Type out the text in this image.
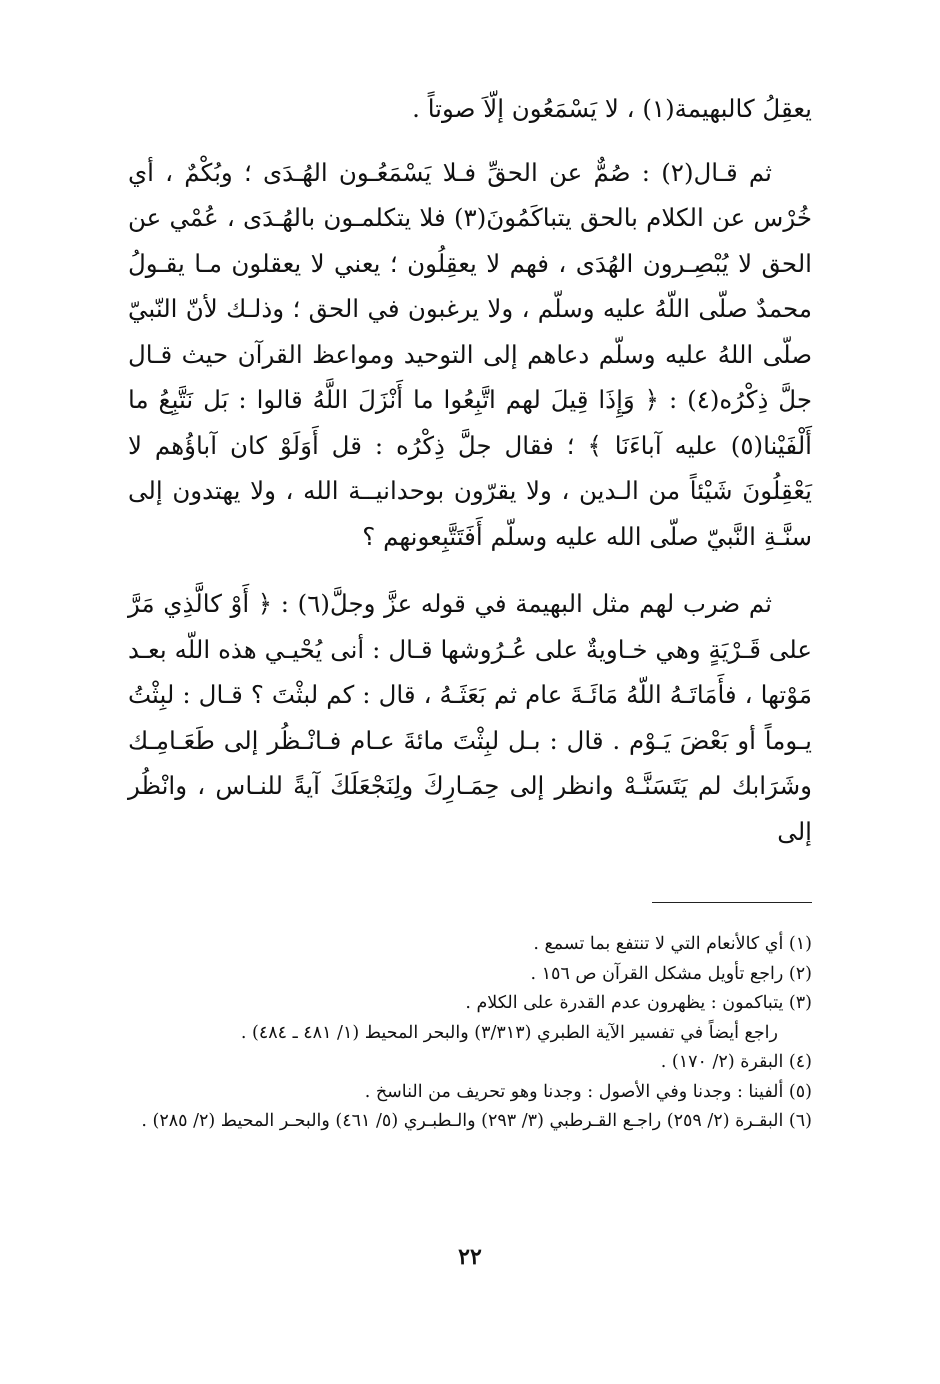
يعقِلُ كالبهيمة(١) ، لا يَسْمَعُون إلّاَ صوتاً .

ثم قـال(٢) : صُمٌّ عن الحقِّ فـلا يَسْمَعُـون الهُـدَى ؛ وبُكْمٌ ، أي خُرْس عن الكلام بالحق يتباكَمُونَ(٣) فلا يتكلمـون بالهُـدَى ، عُمْي عن الحق لا يُبْصِـرون الهُدَى ، فهم لا يعقِلُون ؛ يعني لا يعقلون مـا يقـولُ محمدٌ صلّى اللّهُ عليه وسلّم ، ولا يرغبون في الحق ؛ وذلـك لأنّ النّبيّ صلّى اللهُ عليه وسلّم دعاهم إلى التوحيد ومواعظ القرآن حيث قـال جلَّ ذِكْرُه(٤) : ﴿ وَإِذَا قِيلَ لهم اتَّبِعُوا ما أَنْزَلَ اللَّهُ قالوا : بَل نَتَّبِعُ ما أَلْفَيْنا(٥) عليه آباءَنَا ﴾ ؛ فقال جلَّ ذِكْرُه : قل أَوَلَوْ كان آباؤُهم لا يَعْقِلُونَ شَيْئاً من الـدين ، ولا يقرّون بوحدانيــة الله ، ولا يهتدون إلى سنَّـةِ النَّبيّ صلّى الله عليه وسلّم أَفَتَتَّبِعونهم ؟

ثم ضرب لهم مثل البهيمة في قوله عزَّ وجلَّ(٦) : ﴿ أَوْ كالَّذِي مَرَّ على قَـرْيَةٍ وهي خـاويةٌ على عُـرُوشها قـال : أنى يُحْيـي هذه اللّه بعـد مَوْتها ، فأَمَاتَـهُ اللّهُ مَائَـةَ عام ثم بَعَثَـهُ ، قال : كم لبثْتَ ؟ قـال : لبِثْتُ يـوماً أو بَعْضَ يَـوْم . قال : بـل لبِثْتَ مائةَ عـام فـانْـظُر إلى طَعَـامِـك وشَرَابك لم يَتَسَنَّـهْ وانظر إلى حِمَـارِكَ ولِنَجْعَلَكَ آيةً للنـاس ، وانْظُر إلى

(١) أي كالأنعام التي لا تنتفع بما تسمع .

(٢) راجع تأويل مشكل القرآن ص ١٥٦ .

(٣) يتباكمون : يظهرون عدم القدرة على الكلام .

راجع أيضاً في تفسير الآية الطبري (٣/٣١٣) والبحر المحيط (١/ ٤٨١ ـ ٤٨٤) .

(٤) البقرة (٢/ ١٧٠) .

(٥) ألفينا : وجدنا وفي الأصول : وجدنا وهو تحريف من الناسخ .

(٦) البقـرة (٢/ ٢٥٩) راجـع القـرطبي (٣/ ٢٩٣) والـطبـري (٥/ ٤٦١) والبحـر المحيط (٢/ ٢٨٥) .

٢٢
